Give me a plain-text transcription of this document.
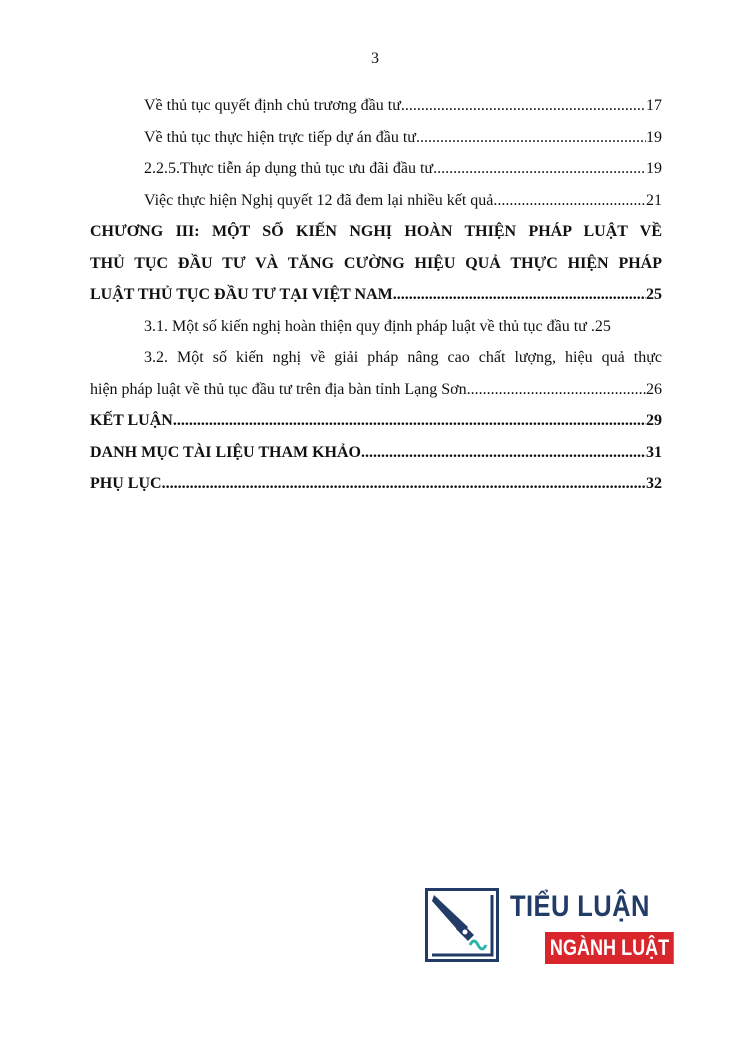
3
Về thủ tục quyết định chủ trương đầu tư .....	17
Về thủ tục thực hiện trực tiếp dự án đầu tư .....	19
2.2.5.Thực tiễn áp dụng thủ tục ưu đãi đầu tư .....	19
Việc thực hiện Nghị quyết 12 đã đem lại nhiều kết quả .....	21
CHƯƠNG III: MỘT SỐ KIẾN NGHỊ HOÀN THIỆN PHÁP LUẬT VỀ
THỦ TỤC ĐẦU TƯ VÀ TĂNG CƯỜNG HIỆU QUẢ THỰC HIỆN PHÁP
LUẬT THỦ TỤC ĐẦU TƯ TẠI VIỆT NAM .....	25
3.1. Một số kiến nghị hoàn thiện quy định pháp luật về thủ tục đầu tư .25
3.2. Một số kiến nghị về giải pháp nâng cao chất lượng, hiệu quả thực
hiện pháp luật về thủ tục đầu tư trên địa bàn tỉnh Lạng Sơn .....	26
KẾT LUẬN .....	29
DANH MỤC TÀI LIỆU THAM KHẢO .....	31
PHỤ LỤC .....	32
TIỂU LUẬN
NGÀNH LUẬT
